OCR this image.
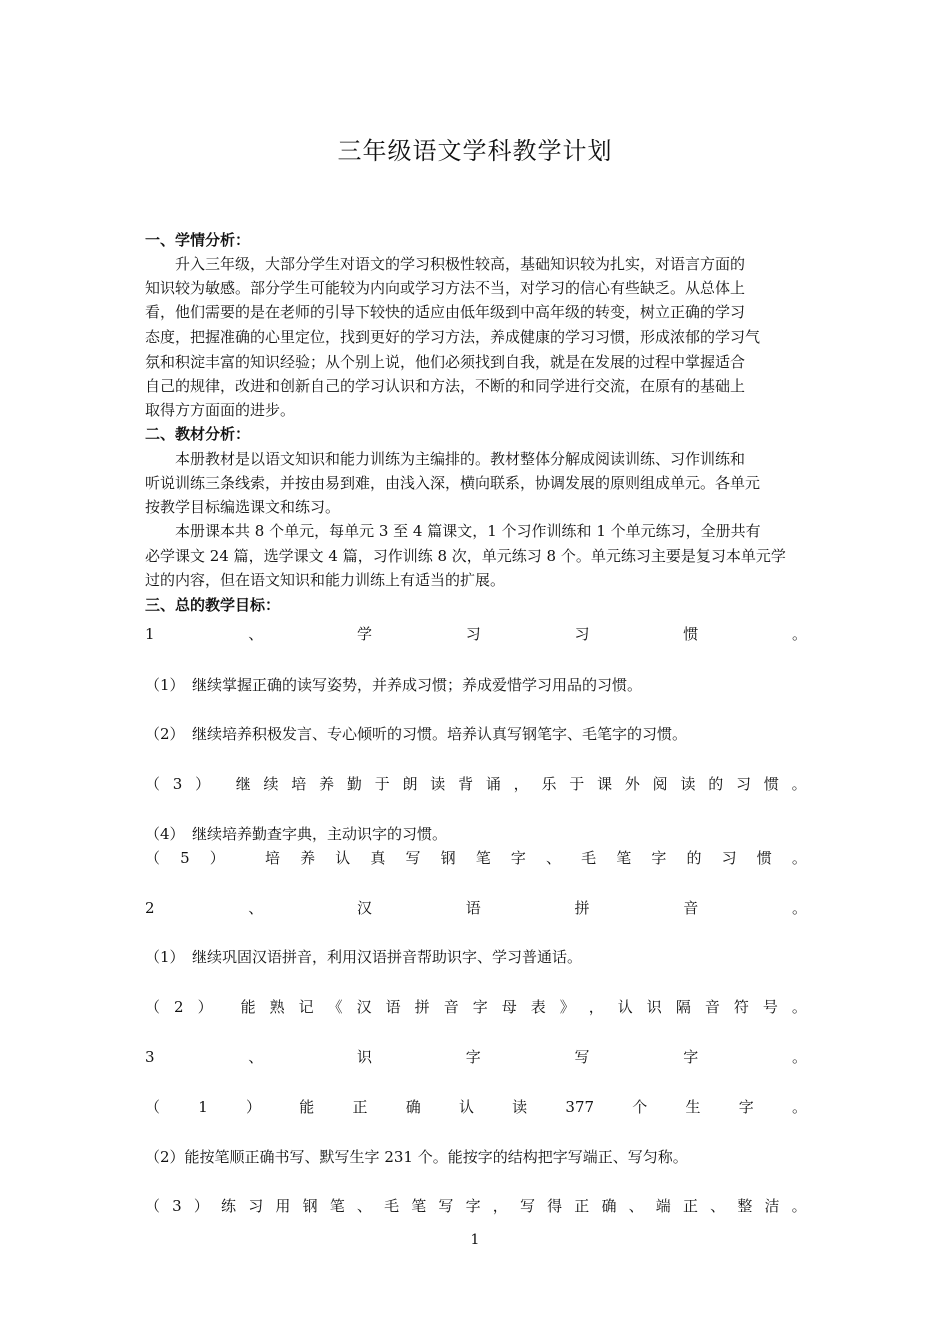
三年级语文学科教学计划
一、学情分析：
　　升入三年级，大部分学生对语文的学习积极性较高，基础知识较为扎实，对语言方面的
知识较为敏感。部分学生可能较为内向或学习方法不当，对学习的信心有些缺乏。从总体上
看，他们需要的是在老师的引导下较快的适应由低年级到中高年级的转变，树立正确的学习
态度，把握准确的心里定位，找到更好的学习方法，养成健康的学习习惯，形成浓郁的学习气
氛和积淀丰富的知识经验；从个别上说，他们必须找到自我，就是在发展的过程中掌握适合
自己的规律，改进和创新自己的学习认识和方法，不断的和同学进行交流，在原有的基础上
取得方方面面的进步。
二、教材分析：
　　本册教材是以语文知识和能力训练为主编排的。教材整体分解成阅读训练、习作训练和
听说训练三条线索，并按由易到难，由浅入深，横向联系，协调发展的原则组成单元。各单元
按教学目标编选课文和练习。
　　本册课本共 8 个单元，每单元 3 至 4 篇课文，1 个习作训练和 1 个单元练习，全册共有
必学课文 24 篇，选学课文 4 篇，习作训练 8 次，单元练习 8 个。单元练习主要是复习本单元学
过的内容，但在语文知识和能力训练上有适当的扩展。
三、总的教学目标：
1	、	学	习	习	惯	。
（1）　继续掌握正确的读写姿势，并养成习惯；养成爱惜学习用品的习惯。
（2）　继续培养积极发言、专心倾听的习惯。培养认真写钢笔字、毛笔字的习惯。
（ 3 ） 继 续 培 养 勤 于 朗 读 背 诵 ， 乐 于 课 外 阅 读 的 习 惯 。
（4）　继续培养勤查字典，主动识字的习惯。
（ 5 ）	培 养 认 真 写 钢 笔 字 、 毛 笔 字 的 习 惯 。
2	、	汉	语	拼	音	。
（1）　继续巩固汉语拼音，利用汉语拼音帮助识字、学习普通话。
（ 2 ） 能 熟 记 《 汉 语 拼 音 字 母 表 》 ， 认 识 隔 音 符 号 。
3	、	识	字	写	字	。
（	1	）	能	正	确	认	读	377	个	生	字	。
（2）能按笔顺正确书写、默写生字 231 个。能按字的结构把字写端正、写匀称。
（ 3 ） 练 习 用 钢 笔 、 毛 笔 写 字 ， 写 得 正 确 、 端 正 、 整 洁 。
1
